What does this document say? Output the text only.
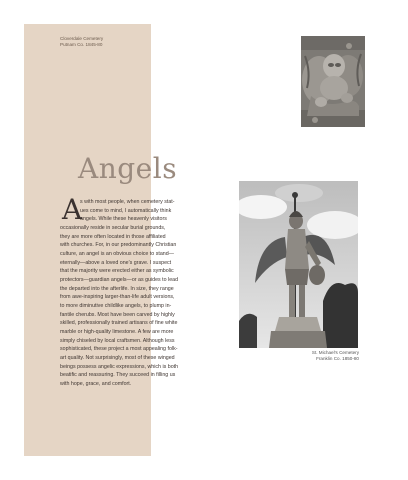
Cloverdale Cemetery
Putnam Co. 1845-80
Angels
A
s with most people, when cemetery stat-
ues come to mind, I automatically think
angels. While these heavenly visitors
occasionally reside in secular burial grounds,
they are more often located in those affiliated
with churches. For, in our predominantly Christian
culture, an angel is an obvious choice to stand—
eternally—above a loved one's grave. I suspect
that the majority were erected either as symbolic
protectors—guardian angels—or as guides to lead
the departed into the afterlife. In size, they range
from awe-inspiring larger-than-life adult versions,
to more diminutive childlike angels, to plump in-
fantile cherubs. Most have been carved by highly
skilled, professionally trained artisans of fine white
marble or high-quality limestone. A few are more
simply chiseled by local craftsmen. Although less
sophisticated, these project a most appealing folk-
art quality. Not surprisingly, most of these winged
beings possess angelic expressions, which is both
beatific and reassuring. They succeed in filling us
with hope, grace, and comfort.
St. Michael's Cemetery
Franklin Co. 1850-80
